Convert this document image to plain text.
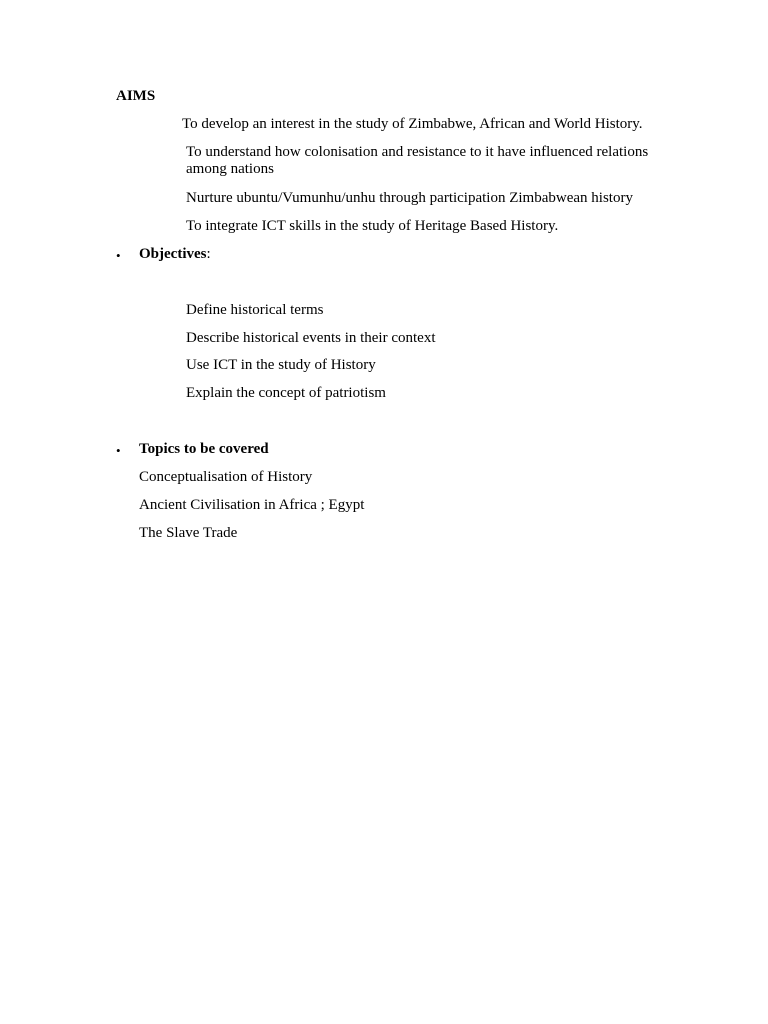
AIMS
To develop an interest in the study of Zimbabwe, African and World History.
To understand how colonisation and resistance to it have influenced relations among nations
Nurture ubuntu/Vumunhu/unhu through participation Zimbabwean history
To integrate ICT skills in the study of Heritage Based History.
• Objectives:
Define historical terms
Describe historical events in their context
Use ICT in the study of History
Explain the concept of patriotism
• Topics to be covered
Conceptualisation of History
Ancient Civilisation in Africa ; Egypt
The Slave Trade
